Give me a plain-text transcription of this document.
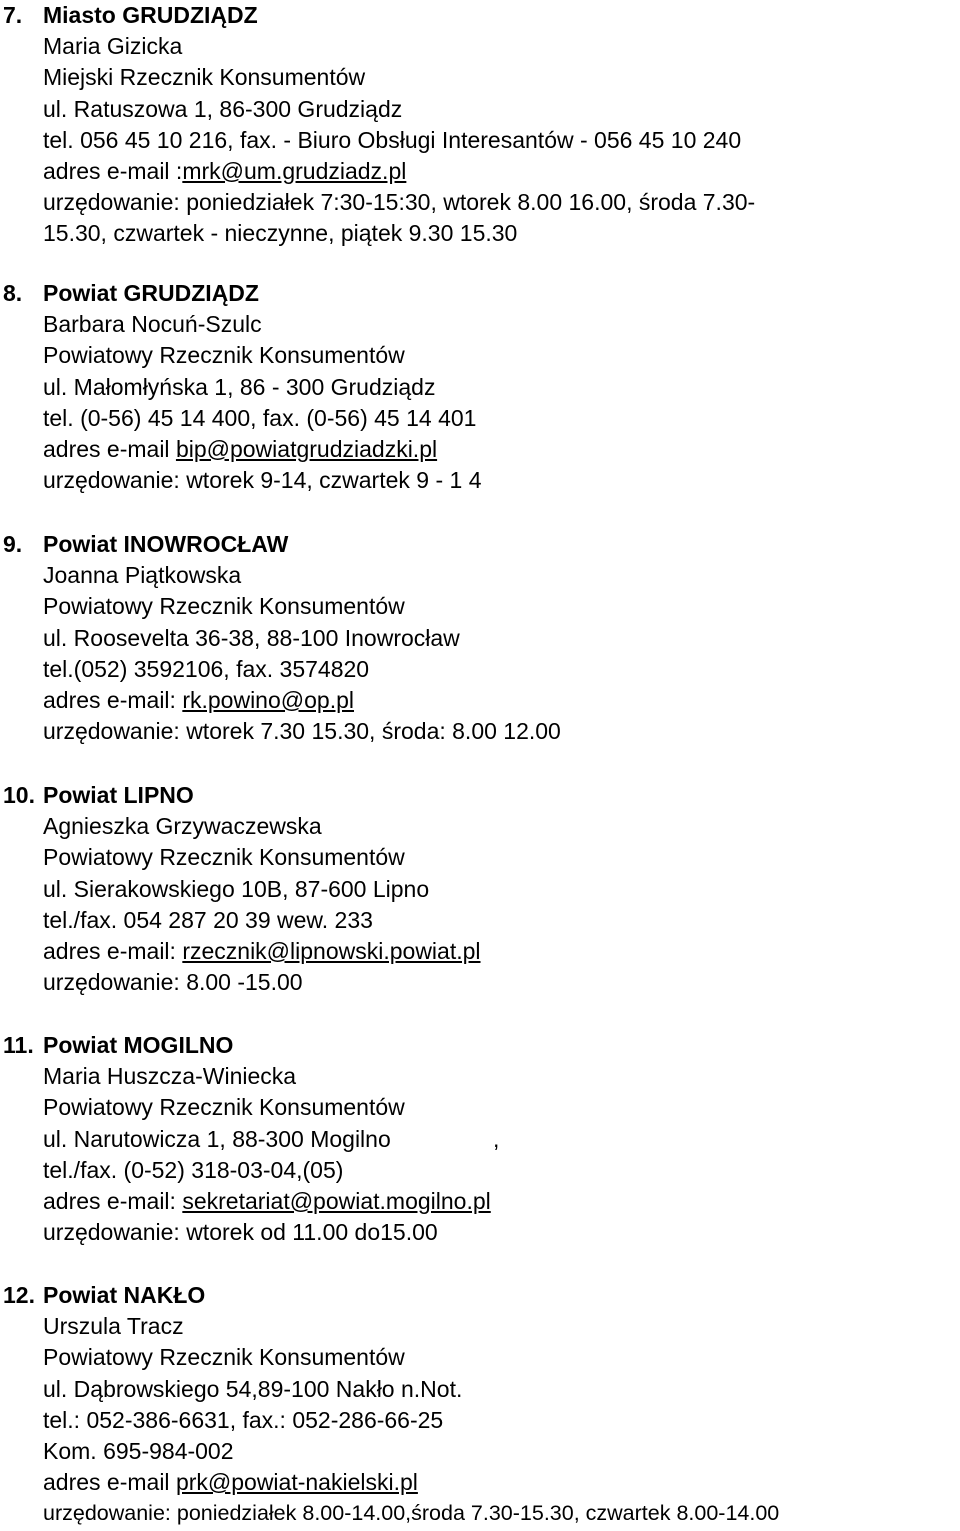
7. Miasto GRUDZIĄDZ
Maria Gizicka
Miejski Rzecznik Konsumentów
ul. Ratuszowa 1, 86-300 Grudziądz
tel. 056 45 10 216, fax. - Biuro Obsługi Interesantów - 056 45 10 240
adres e-mail :mrk@um.grudziadz.pl
urzędowanie: poniedziałek 7:30-15:30, wtorek 8.00 16.00, środa 7.30-
15.30, czwartek - nieczynne, piątek 9.30 15.30
8. Powiat GRUDZIĄDZ
Barbara Nocuń-Szulc
Powiatowy Rzecznik Konsumentów
ul. Małomłyńska 1, 86 - 300 Grudziądz
tel. (0-56) 45 14 400, fax. (0-56) 45 14 401
adres e-mail bip@powiatgrudziadzki.pl
urzędowanie: wtorek 9-14, czwartek 9 - 1 4
9. Powiat INOWROCŁAW
Joanna Piątkowska
Powiatowy Rzecznik Konsumentów
ul. Roosevelta 36-38, 88-100 Inowrocław
tel.(052) 3592106, fax. 3574820
adres e-mail: rk.powino@op.pl
urzędowanie: wtorek 7.30 15.30, środa: 8.00 12.00
10. Powiat LIPNO
Agnieszka Grzywaczewska
Powiatowy Rzecznik Konsumentów
ul. Sierakowskiego 10B, 87-600 Lipno
tel./fax. 054 287 20 39 wew. 233
adres e-mail: rzecznik@lipnowski.powiat.pl
urzędowanie: 8.00 -15.00
11. Powiat MOGILNO
Maria Huszcza-Winiecka
Powiatowy Rzecznik Konsumentów
ul. Narutowicza 1, 88-300 Mogilno                ,
tel./fax. (0-52) 318-03-04,(05)
adres e-mail: sekretariat@powiat.mogilno.pl
urzędowanie: wtorek od 11.00 do15.00
12. Powiat NAKŁO
Urszula Tracz
Powiatowy Rzecznik Konsumentów
ul. Dąbrowskiego 54,89-100 Nakło n.Not.
tel.: 052-386-6631, fax.: 052-286-66-25
Kom. 695-984-002
adres e-mail prk@powiat-nakielski.pl
urzędowanie: poniedziałek 8.00-14.00,środa 7.30-15.30, czwartek 8.00-14.00
